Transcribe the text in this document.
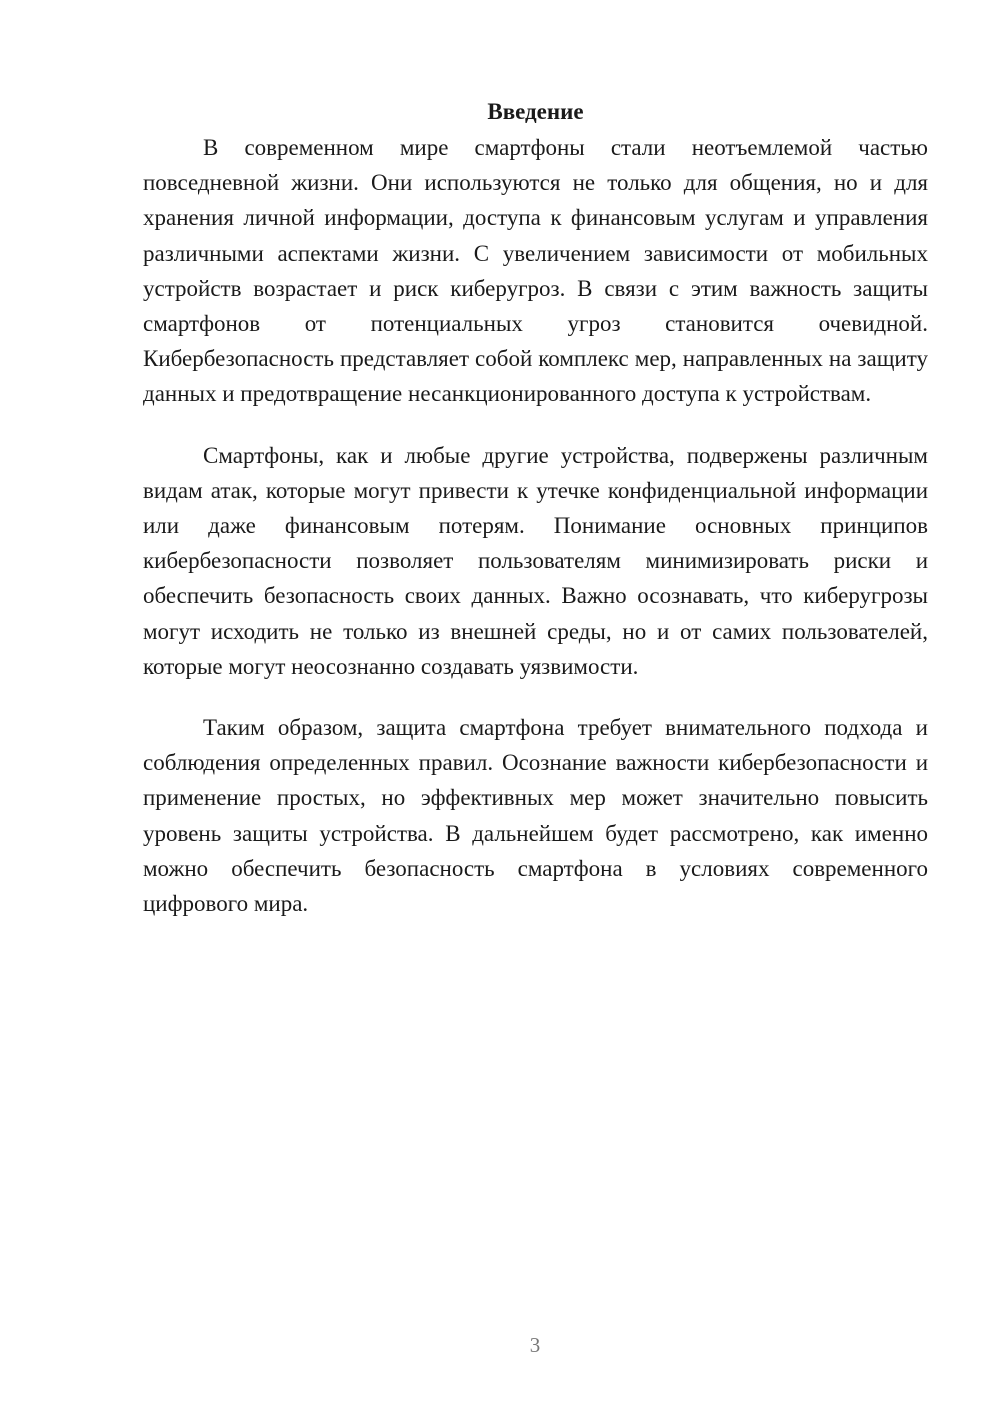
Введение

В современном мире смартфоны стали неотъемлемой частью повседневной жизни. Они используются не только для общения, но и для хранения личной информации, доступа к финансовым услугам и управления различными аспектами жизни. С увеличением зависимости от мобильных устройств возрастает и риск киберугроз. В связи с этим важность защиты смартфонов от потенциальных угроз становится очевидной. Кибербезопасность представляет собой комплекс мер, направленных на защиту данных и предотвращение несанкционированного доступа к устройствам.

Смартфоны, как и любые другие устройства, подвержены различным видам атак, которые могут привести к утечке конфиденциальной информации или даже финансовым потерям. Понимание основных принципов кибербезопасности позволяет пользователям минимизировать риски и обеспечить безопасность своих данных. Важно осознавать, что киберугрозы могут исходить не только из внешней среды, но и от самих пользователей, которые могут неосознанно создавать уязвимости.

Таким образом, защита смартфона требует внимательного подхода и соблюдения определенных правил. Осознание важности кибербезопасности и применение простых, но эффективных мер может значительно повысить уровень защиты устройства. В дальнейшем будет рассмотрено, как именно можно обеспечить безопасность смартфона в условиях современного цифрового мира.

3
